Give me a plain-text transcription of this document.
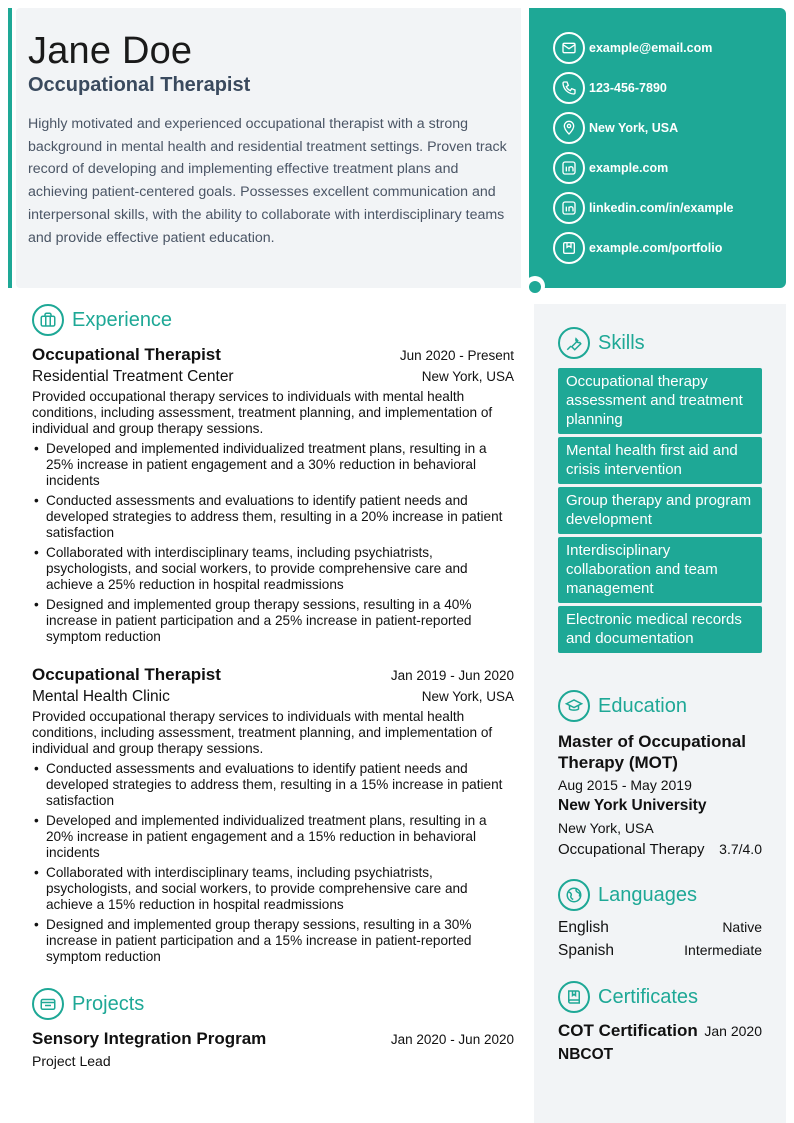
Jane Doe
Occupational Therapist
Highly motivated and experienced occupational therapist with a strong background in mental health and residential treatment settings. Proven track record of developing and implementing effective treatment plans and achieving patient-centered goals. Possesses excellent communication and interpersonal skills, with the ability to collaborate with interdisciplinary teams and provide effective patient education.
example@email.com
123-456-7890
New York, USA
example.com
linkedin.com/in/example
example.com/portfolio
Experience
Occupational Therapist	Jun 2020 - Present
Residential Treatment Center	New York, USA
Provided occupational therapy services to individuals with mental health conditions, including assessment, treatment planning, and implementation of individual and group therapy sessions.
• Developed and implemented individualized treatment plans, resulting in a 25% increase in patient engagement and a 30% reduction in behavioral incidents
• Conducted assessments and evaluations to identify patient needs and developed strategies to address them, resulting in a 20% increase in patient satisfaction
• Collaborated with interdisciplinary teams, including psychiatrists, psychologists, and social workers, to provide comprehensive care and achieve a 25% reduction in hospital readmissions
• Designed and implemented group therapy sessions, resulting in a 40% increase in patient participation and a 25% increase in patient-reported symptom reduction
Occupational Therapist	Jan 2019 - Jun 2020
Mental Health Clinic	New York, USA
Provided occupational therapy services to individuals with mental health conditions, including assessment, treatment planning, and implementation of individual and group therapy sessions.
• Conducted assessments and evaluations to identify patient needs and developed strategies to address them, resulting in a 15% increase in patient satisfaction
• Developed and implemented individualized treatment plans, resulting in a 20% increase in patient engagement and a 15% reduction in behavioral incidents
• Collaborated with interdisciplinary teams, including psychiatrists, psychologists, and social workers, to provide comprehensive care and achieve a 15% reduction in hospital readmissions
• Designed and implemented group therapy sessions, resulting in a 30% increase in patient participation and a 15% increase in patient-reported symptom reduction
Projects
Sensory Integration Program	Jan 2020 - Jun 2020
Project Lead
Skills
Occupational therapy assessment and treatment planning
Mental health first aid and crisis intervention
Group therapy and program development
Interdisciplinary collaboration and team management
Electronic medical records and documentation
Education
Master of Occupational Therapy (MOT)
Aug 2015 - May 2019
New York University
New York, USA
Occupational Therapy 3.7/4.0
Languages
English	Native
Spanish	Intermediate
Certificates
COT Certification Jan 2020
NBCOT
